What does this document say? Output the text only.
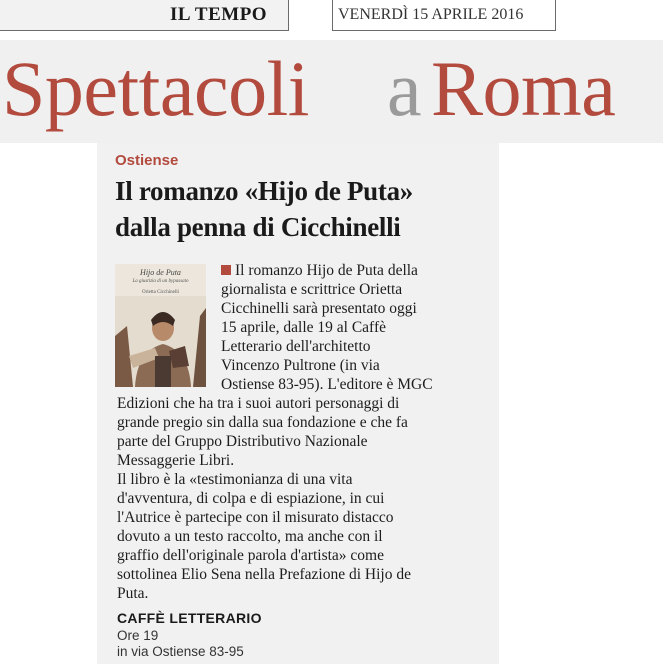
IL TEMPO	VENERDÌ 15 APRILE 2016
Spettacoli a Roma
Ostiense
Il romanzo «Hijo de Puta»
dalla penna di Cicchinelli
Hijo de Puta
La giustizia di un bypassato
Orietta Cicchinelli
Il romanzo Hijo de Puta della
giornalista e scrittrice Orietta
Cicchinelli sarà presentato oggi
15 aprile, dalle 19 al Caffè
Letterario dell'architetto
Vincenzo Pultrone (in via
Ostiense 83-95). L'editore è MGC
Edizioni che ha tra i suoi autori personaggi di
grande pregio sin dalla sua fondazione e che fa
parte del Gruppo Distributivo Nazionale
Messaggerie Libri.
Il libro è la «testimonianza di una vita
d'avventura, di colpa e di espiazione, in cui
l'Autrice è partecipe con il misurato distacco
dovuto a un testo raccolto, ma anche con il
graffio dell'originale parola d'artista» come
sottolinea Elio Sena nella Prefazione di Hijo de
Puta.
CAFFÈ LETTERARIO
Ore 19
in via Ostiense 83-95
